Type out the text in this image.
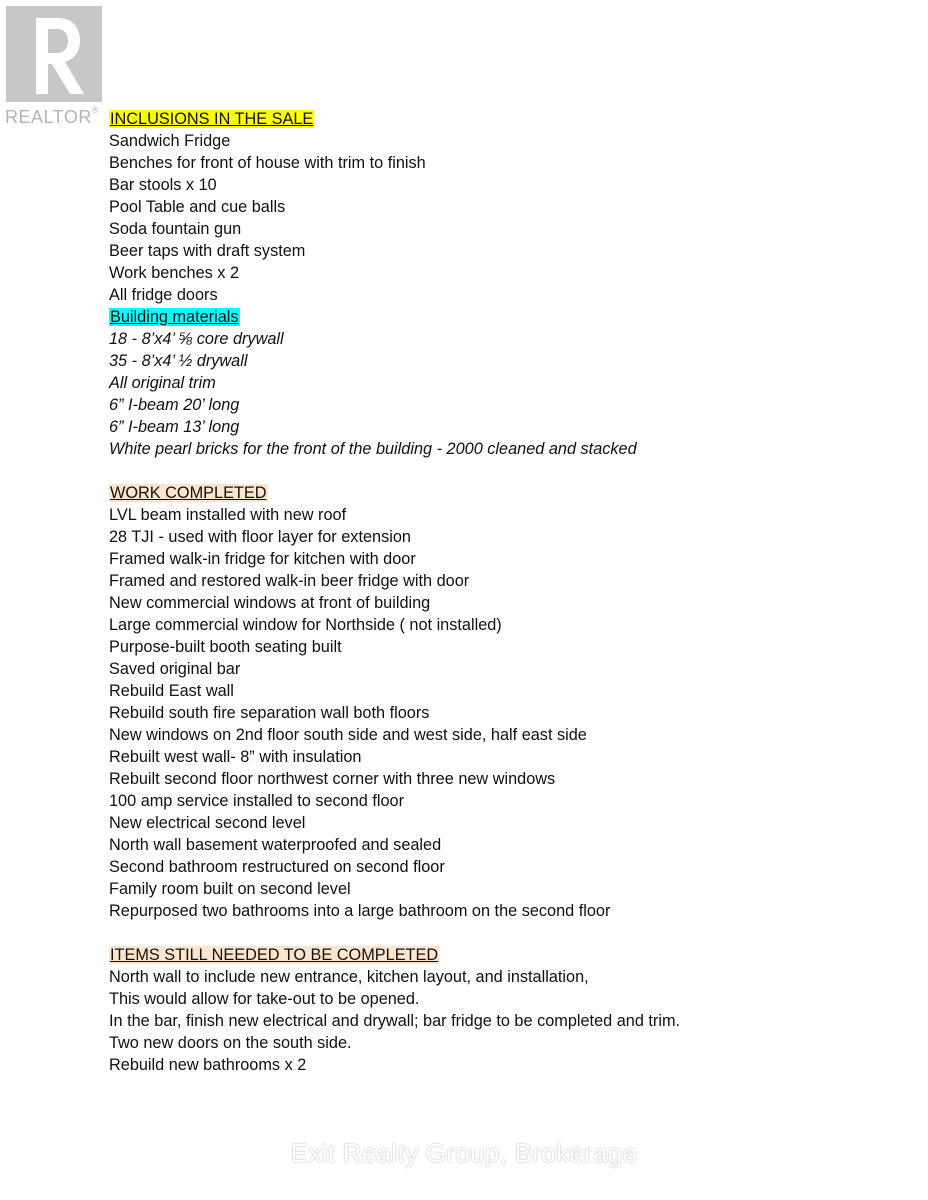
REALTOR® INCLUSIONS IN THE SALE
Sandwich Fridge
Benches for front of house with trim to finish
Bar stools x 10
Pool Table and cue balls
Soda fountain gun
Beer taps with draft system
Work benches x 2
All fridge doors
Building materials
18 - 8’x4’ ⅝ core drywall
35 - 8’x4’ ½ drywall
All original trim
6” I-beam 20’ long
6” I-beam 13’ long
White pearl bricks for the front of the building - 2000 cleaned and stacked
WORK COMPLETED
LVL beam installed with new roof
28 TJI - used with floor layer for extension
Framed walk-in fridge for kitchen with door
Framed and restored walk-in beer fridge with door
New commercial windows at front of building
Large commercial window for Northside ( not installed)
Purpose-built booth seating built
Saved original bar
Rebuild East wall
Rebuild south fire separation wall both floors
New windows on 2nd floor south side and west side, half east side
Rebuilt west wall- 8” with insulation
Rebuilt second floor northwest corner with three new windows
100 amp service installed to second floor
New electrical second level
North wall basement waterproofed and sealed
Second bathroom restructured on second floor
Family room built on second level
Repurposed two bathrooms into a large bathroom on the second floor
ITEMS STILL NEEDED TO BE COMPLETED
North wall to include new entrance, kitchen layout, and installation,
This would allow for take-out to be opened.
In the bar, finish new electrical and drywall; bar fridge to be completed and trim.
Two new doors on the south side.
Rebuild new bathrooms x 2
Exit Realty Group, Brokerage
